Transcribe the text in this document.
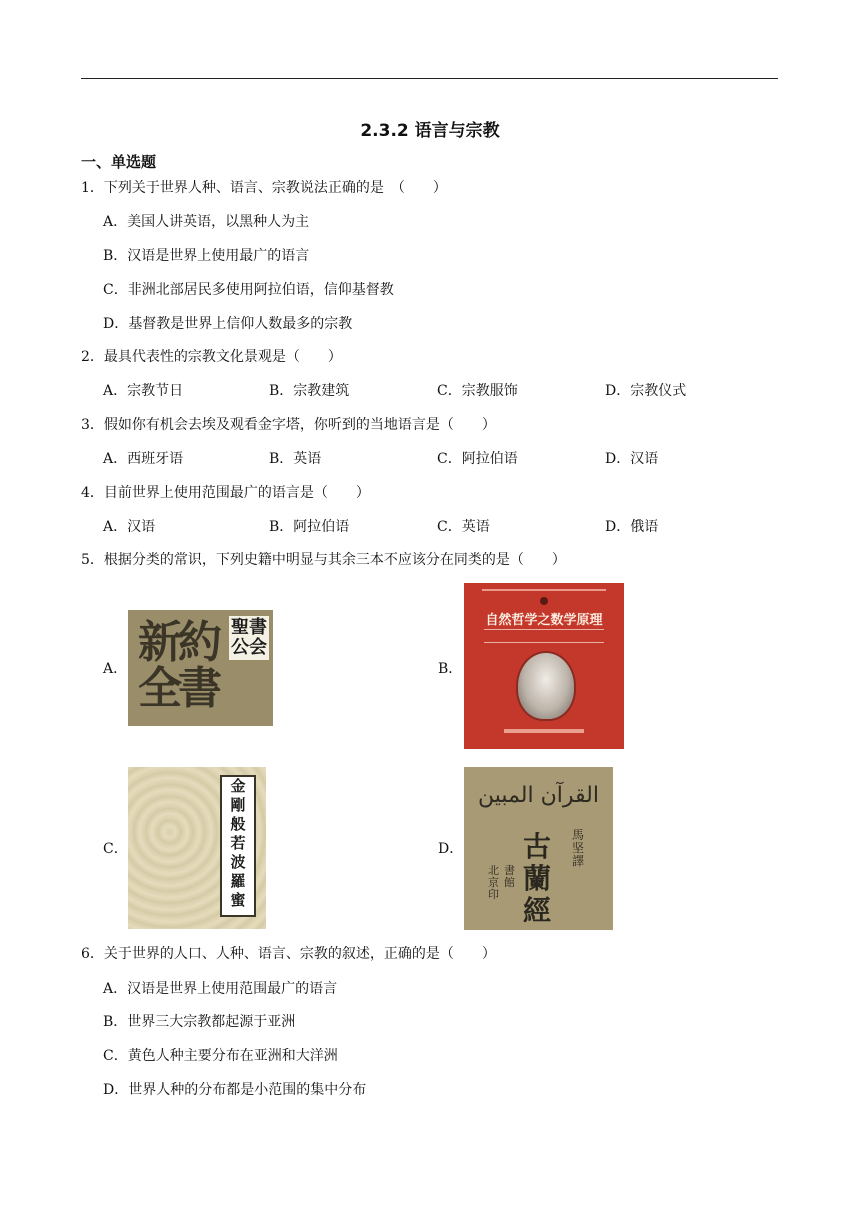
2.3.2 语言与宗教
一、单选题
1．下列关于世界人种、语言、宗教说法正确的是　（　　）
A．美国人讲英语，以黑种人为主
B．汉语是世界上使用最广的语言
C．非洲北部居民多使用阿拉伯语，信仰基督教
D．基督教是世界上信仰人数最多的宗教
2．最具代表性的宗教文化景观是（　　）
A．宗教节日	B．宗教建筑	C．宗教服饰	D．宗教仪式
3．假如你有机会去埃及观看金字塔，你听到的当地语言是（　　）
A．西班牙语	B．英语	C．阿拉伯语	D．汉语
4．目前世界上使用范围最广的语言是（　　）
A．汉语	B．阿拉伯语	C．英语	D．俄语
5．根据分类的常识，下列史籍中明显与其余三本不应该分在同类的是（　　）
A．
新約全書
聖書公会
B．
自然哲学之数学原理
C．
金
剛
般
若
波
羅
蜜
D．
القرآن المبين
古蘭經
馬
坚
譯
北
京
印
書
館
6．关于世界的人口、人种、语言、宗教的叙述，正确的是（　　）
A．汉语是世界上使用范围最广的语言
B．世界三大宗教都起源于亚洲
C．黄色人种主要分布在亚洲和大洋洲
D．世界人种的分布都是小范围的集中分布
